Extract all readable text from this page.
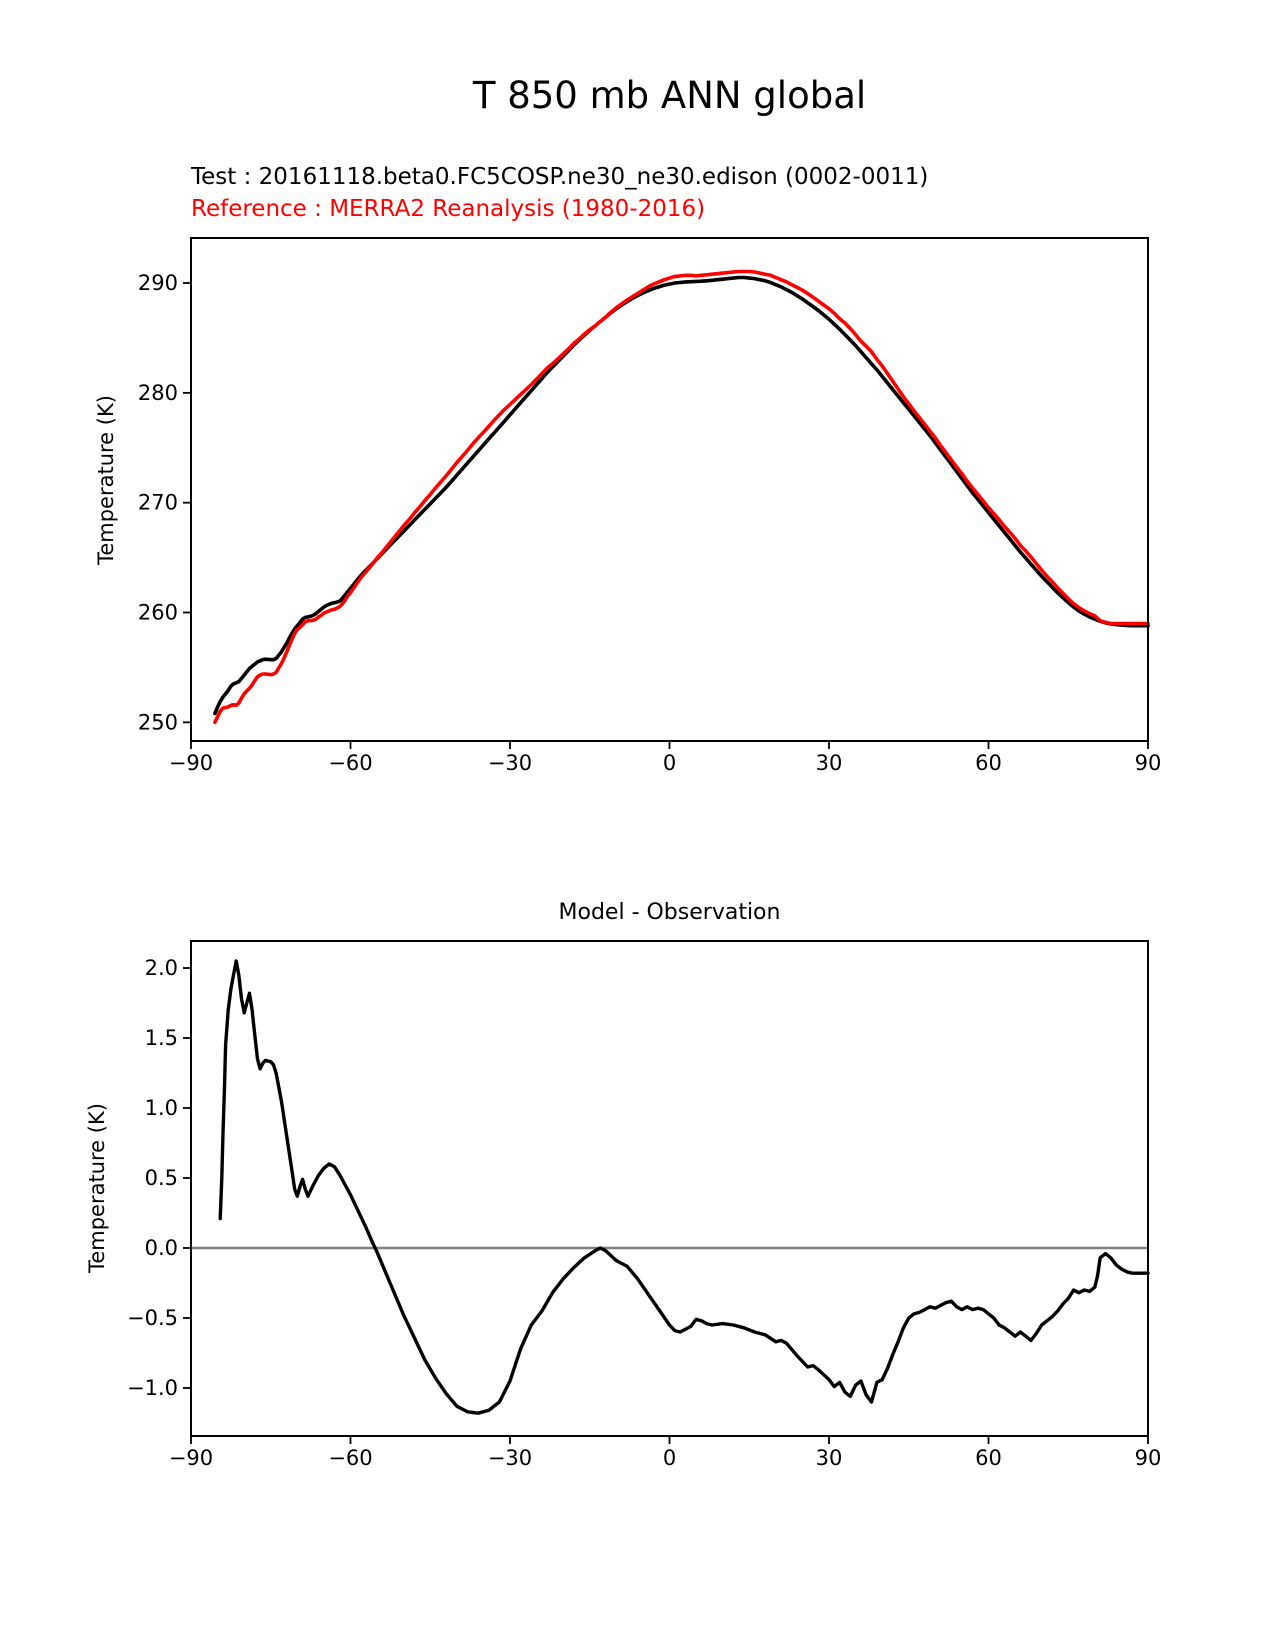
T 850 mb ANN global
Test : 20161118.beta0.FC5COSP.ne30_ne30.edison (0002-0011)
Reference : MERRA2 Reanalysis (1980-2016)
Temperature (K)
Model - Observation
Temperature (K)
−90	−60	−30	0	30	60	90
250
260
270
280
290
−90	−60	−30	0	30	60	90
2.0
1.5
1.0
0.5
0.0
−0.5
−1.0
